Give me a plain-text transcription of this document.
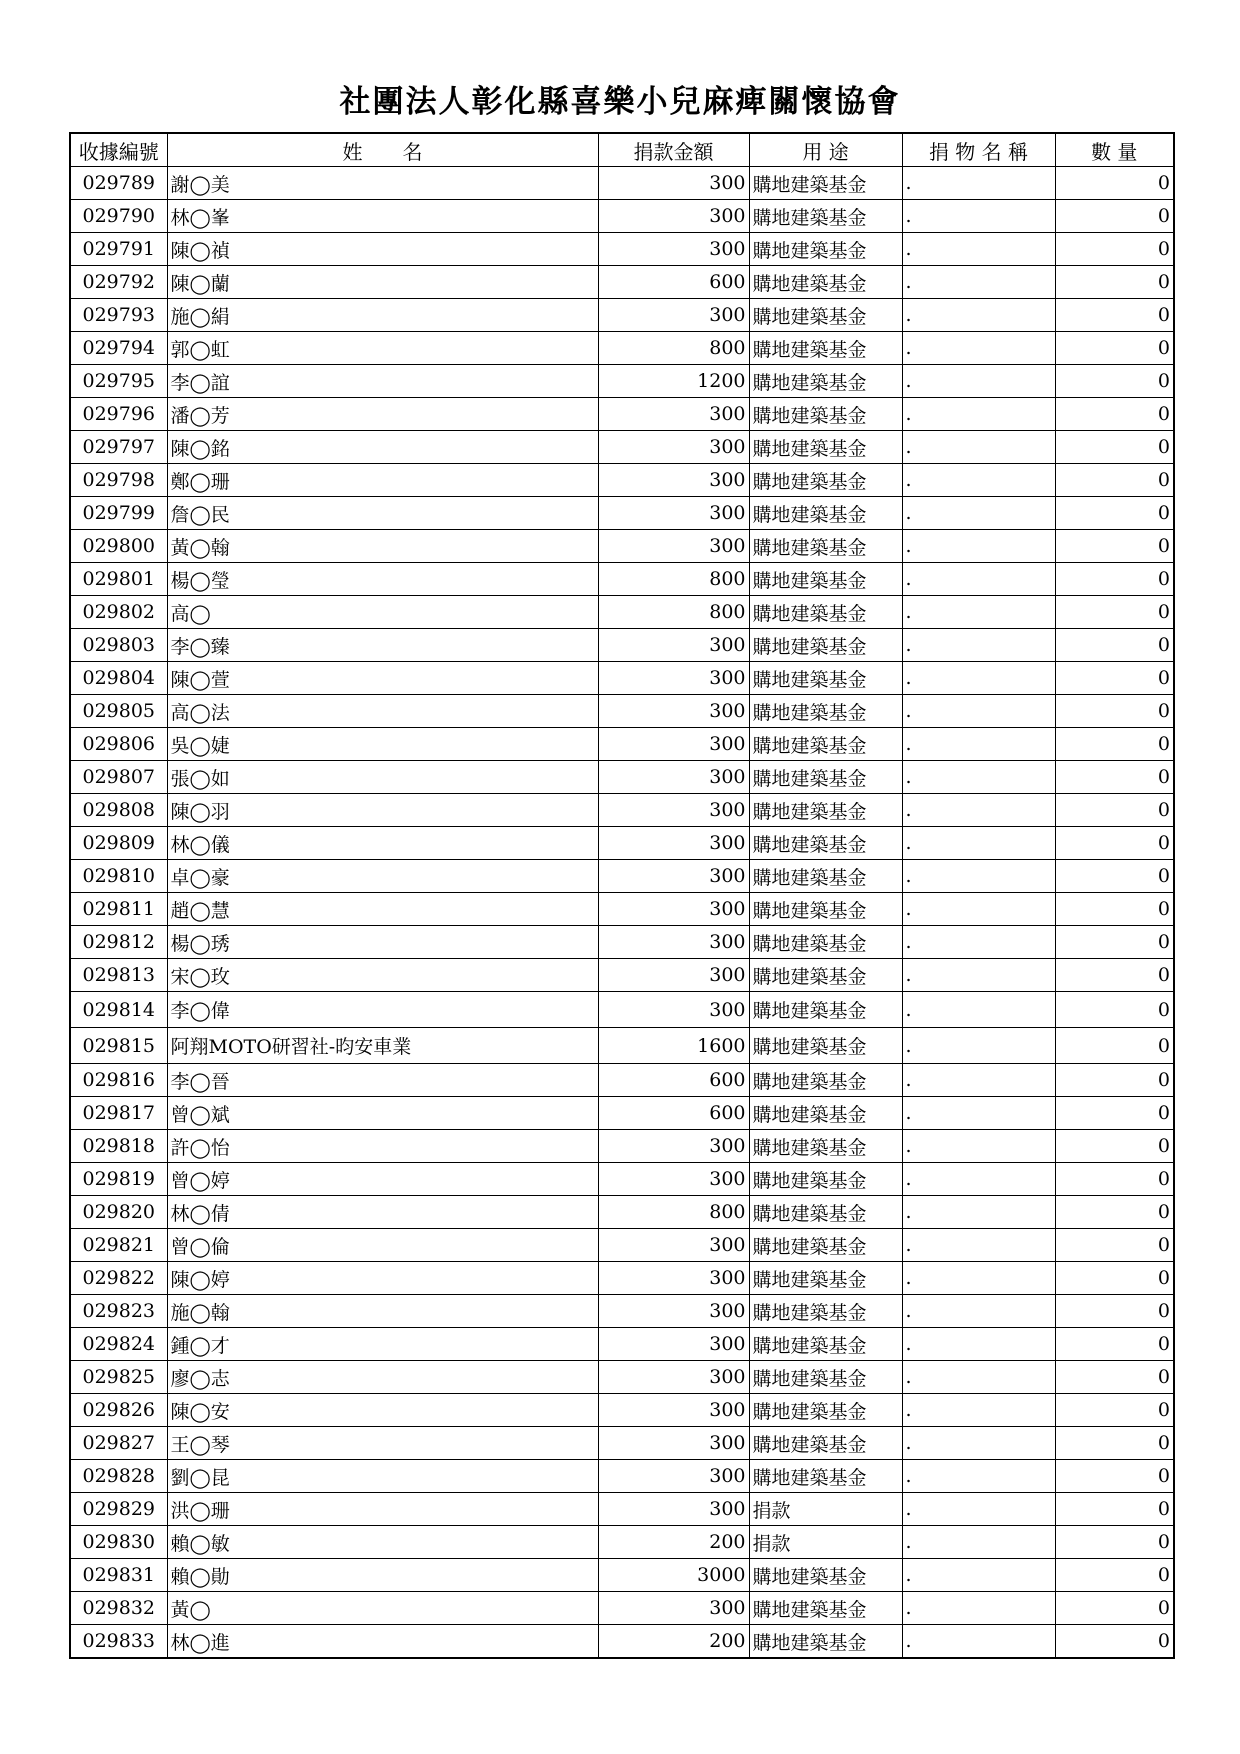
社團法人彰化縣喜樂小兒麻痺關懷協會
收據編號	姓　　名	捐款金額	用 途	捐 物 名 稱	數 量
029789	謝◯美	300	購地建築基金	.	0
029790	林◯峯	300	購地建築基金	.	0
029791	陳◯禎	300	購地建築基金	.	0
029792	陳◯蘭	600	購地建築基金	.	0
029793	施◯絹	300	購地建築基金	.	0
029794	郭◯虹	800	購地建築基金	.	0
029795	李◯誼	1200	購地建築基金	.	0
029796	潘◯芳	300	購地建築基金	.	0
029797	陳◯銘	300	購地建築基金	.	0
029798	鄭◯珊	300	購地建築基金	.	0
029799	詹◯民	300	購地建築基金	.	0
029800	黃◯翰	300	購地建築基金	.	0
029801	楊◯瑩	800	購地建築基金	.	0
029802	高◯	800	購地建築基金	.	0
029803	李◯臻	300	購地建築基金	.	0
029804	陳◯萱	300	購地建築基金	.	0
029805	高◯法	300	購地建築基金	.	0
029806	吳◯婕	300	購地建築基金	.	0
029807	張◯如	300	購地建築基金	.	0
029808	陳◯羽	300	購地建築基金	.	0
029809	林◯儀	300	購地建築基金	.	0
029810	卓◯豪	300	購地建築基金	.	0
029811	趙◯慧	300	購地建築基金	.	0
029812	楊◯琇	300	購地建築基金	.	0
029813	宋◯玫	300	購地建築基金	.	0
029814	李◯偉	300	購地建築基金	.	0
029815	阿翔MOTO研習社-昀安車業	1600	購地建築基金	.	0
029816	李◯晉	600	購地建築基金	.	0
029817	曾◯斌	600	購地建築基金	.	0
029818	許◯怡	300	購地建築基金	.	0
029819	曾◯婷	300	購地建築基金	.	0
029820	林◯倩	800	購地建築基金	.	0
029821	曾◯倫	300	購地建築基金	.	0
029822	陳◯婷	300	購地建築基金	.	0
029823	施◯翰	300	購地建築基金	.	0
029824	鍾◯才	300	購地建築基金	.	0
029825	廖◯志	300	購地建築基金	.	0
029826	陳◯安	300	購地建築基金	.	0
029827	王◯琴	300	購地建築基金	.	0
029828	劉◯昆	300	購地建築基金	.	0
029829	洪◯珊	300	捐款	.	0
029830	賴◯敏	200	捐款	.	0
029831	賴◯勛	3000	購地建築基金	.	0
029832	黃◯	300	購地建築基金	.	0
029833	林◯進	200	購地建築基金	.	0
